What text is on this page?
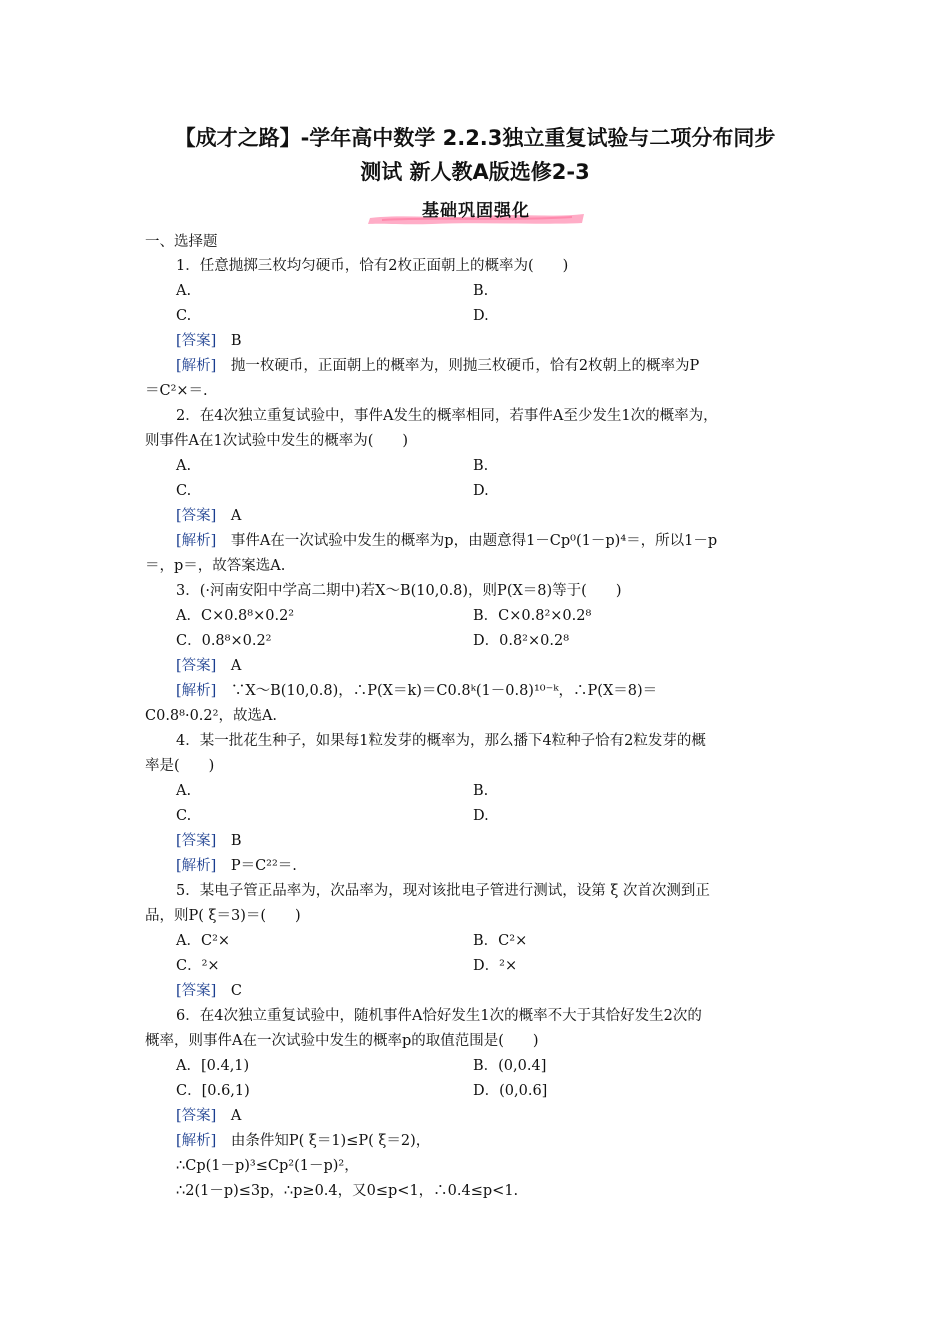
【成才之路】-学年高中数学 2.2.3独立重复试验与二项分布同步
测试 新人教A版选修2-3
基础巩固强化
一、选择题
1．任意抛掷三枚均匀硬币，恰有2枚正面朝上的概率为(　　)
A.	B.
C.	D.
[答案]　B
[解析]　抛一枚硬币，正面朝上的概率为，则抛三枚硬币，恰有2枚朝上的概率为P
＝C²×＝.
2．在4次独立重复试验中，事件A发生的概率相同，若事件A至少发生1次的概率为，
则事件A在1次试验中发生的概率为(　　)
A.	B.
C.	D.
[答案]　A
[解析]　事件A在一次试验中发生的概率为p，由题意得1－Cp⁰(1－p)⁴＝，所以1－p
＝，p＝，故答案选A.
3．(·河南安阳中学高二期中)若X～B(10,0.8)，则P(X＝8)等于(　　)
A．C×0.8⁸×0.2²	B．C×0.8²×0.2⁸
C．0.8⁸×0.2²	D．0.8²×0.2⁸
[答案]　A
[解析]　∵X～B(10,0.8)，∴P(X＝k)＝C0.8ᵏ(1－0.8)¹⁰⁻ᵏ，∴P(X＝8)＝
C0.8⁸·0.2²，故选A.
4．某一批花生种子，如果每1粒发芽的概率为，那么播下4粒种子恰有2粒发芽的概
率是(　　)
A.	B.
C.	D.
[答案]　B
[解析]　P＝C²²＝.
5．某电子管正品率为，次品率为，现对该批电子管进行测试，设第 ξ 次首次测到正
品，则P( ξ＝3)＝(　　)
A．C²×	B．C²×
C．²×	D．²×
[答案]　C
6．在4次独立重复试验中，随机事件A恰好发生1次的概率不大于其恰好发生2次的
概率，则事件A在一次试验中发生的概率p的取值范围是(　　)
A．[0.4,1)	B．(0,0.4]
C．[0.6,1)	D．(0,0.6]
[答案]　A
[解析]　由条件知P( ξ＝1)≤P( ξ＝2)，
∴Cp(1－p)³≤Cp²(1－p)²，
∴2(1－p)≤3p，∴p≥0.4，又0≤p<1，∴0.4≤p<1.
